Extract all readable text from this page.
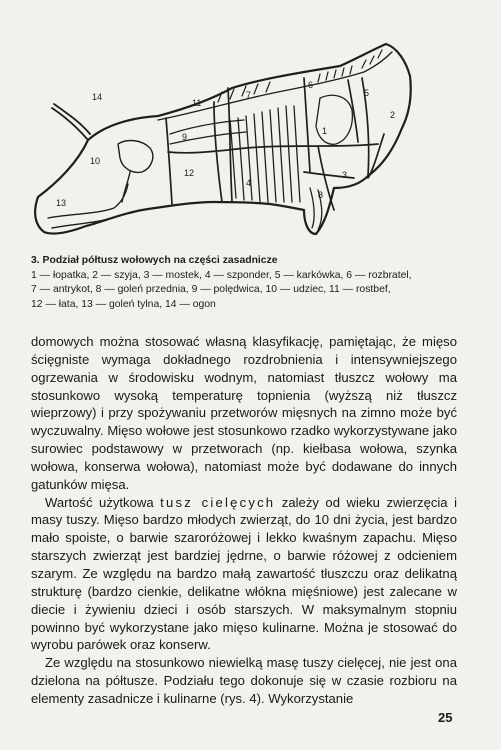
1
2
3
4
5
6
7
8
9
10
11
12
13
14
3. Podział półtusz wołowych na części zasadnicze
1 — łopatka, 2 — szyja, 3 — mostek, 4 — szponder, 5 — karkówka, 6 — rozbratel,
7 — antrykot, 8 — goleń przednia, 9 — polędwica, 10 — udziec, 11 — rostbef,
12 — łata, 13 — goleń tylna, 14 — ogon

domowych można stosować własną klasyfikację, pamiętając, że mięso ścięgniste wymaga dokładnego rozdrobnienia i intensywniejszego ogrzewania w środowisku wodnym, natomiast tłuszcz wołowy ma stosunkowo wysoką temperaturę topnienia (wyższą niż tłuszcz wieprzowy) i przy spożywaniu przetworów mięsnych na zimno może być wyczuwalny. Mięso wołowe jest stosunkowo rzadko wykorzystywane jako surowiec podstawowy w przetworach (np. kiełbasa wołowa, szynka wołowa, konserwa wołowa), natomiast może być dodawane do innych gatunków mięsa.

Wartość użytkowa tusz cielęcych zależy od wieku zwierzęcia i masy tuszy. Mięso bardzo młodych zwierząt, do 10 dni życia, jest bardzo mało spoiste, o barwie szaroróżowej i lekko kwaśnym zapachu. Mięso starszych zwierząt jest bardziej jędrne, o barwie różowej z odcieniem szarym. Ze względu na bardzo małą zawartość tłuszczu oraz delikatną strukturę (bardzo cienkie, delikatne włókna mięśniowe) jest zalecane w diecie i żywieniu dzieci i osób starszych. W maksymalnym stopniu powinno być wykorzystane jako mięso kulinarne. Można je stosować do wyrobu parówek oraz konserw.

Ze względu na stosunkowo niewielką masę tuszy cielęcej, nie jest ona dzielona na półtusze. Podziału tego dokonuje się w czasie rozbioru na elementy zasadnicze i kulinarne (rys. 4). Wykorzystanie

25
